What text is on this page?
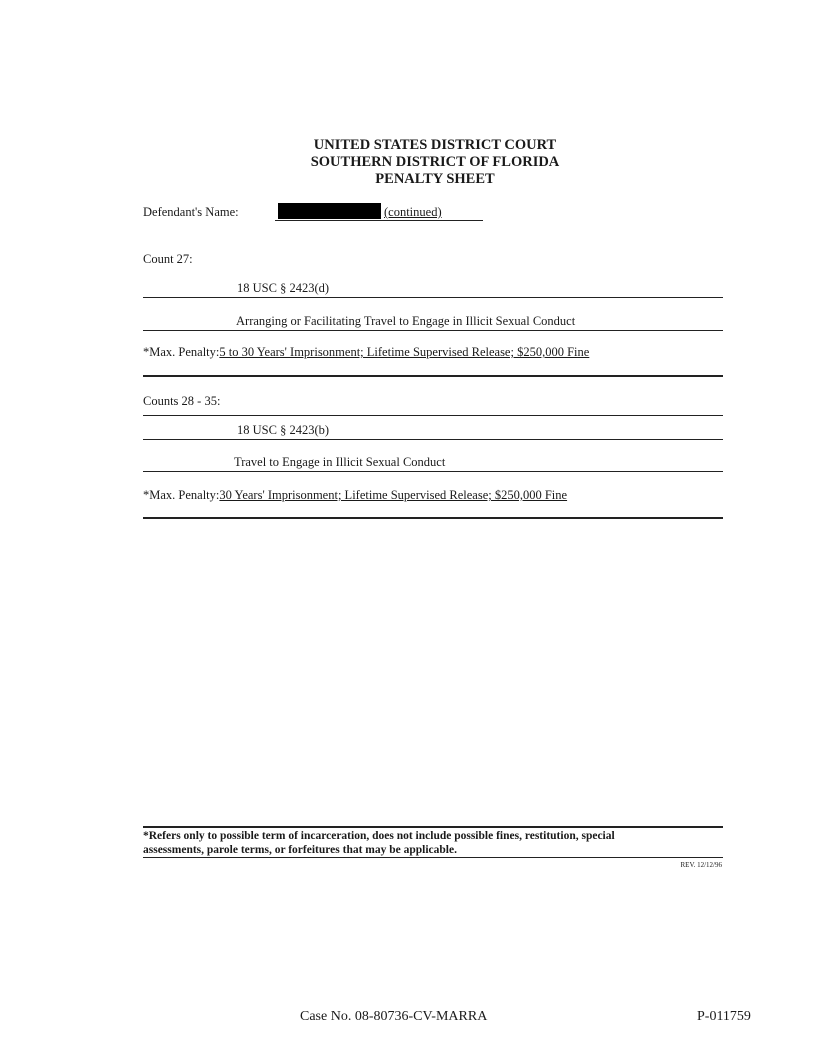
UNITED STATES DISTRICT COURT
SOUTHERN DISTRICT OF FLORIDA
PENALTY SHEET
Defendant's Name:	(continued)
Count 27:
18 USC § 2423(d)
Arranging or Facilitating Travel to Engage in Illicit Sexual Conduct
*Max. Penalty:5 to 30 Years' Imprisonment; Lifetime Supervised Release; $250,000 Fine
Counts 28 - 35:
18 USC § 2423(b)
Travel to Engage in Illicit Sexual Conduct
*Max. Penalty:30 Years' Imprisonment; Lifetime Supervised Release; $250,000 Fine
*Refers only to possible term of incarceration, does not include possible fines, restitution, special
assessments, parole terms, or forfeitures that may be applicable.
REV. 12/12/96
Case No. 08-80736-CV-MARRA	P-011759
